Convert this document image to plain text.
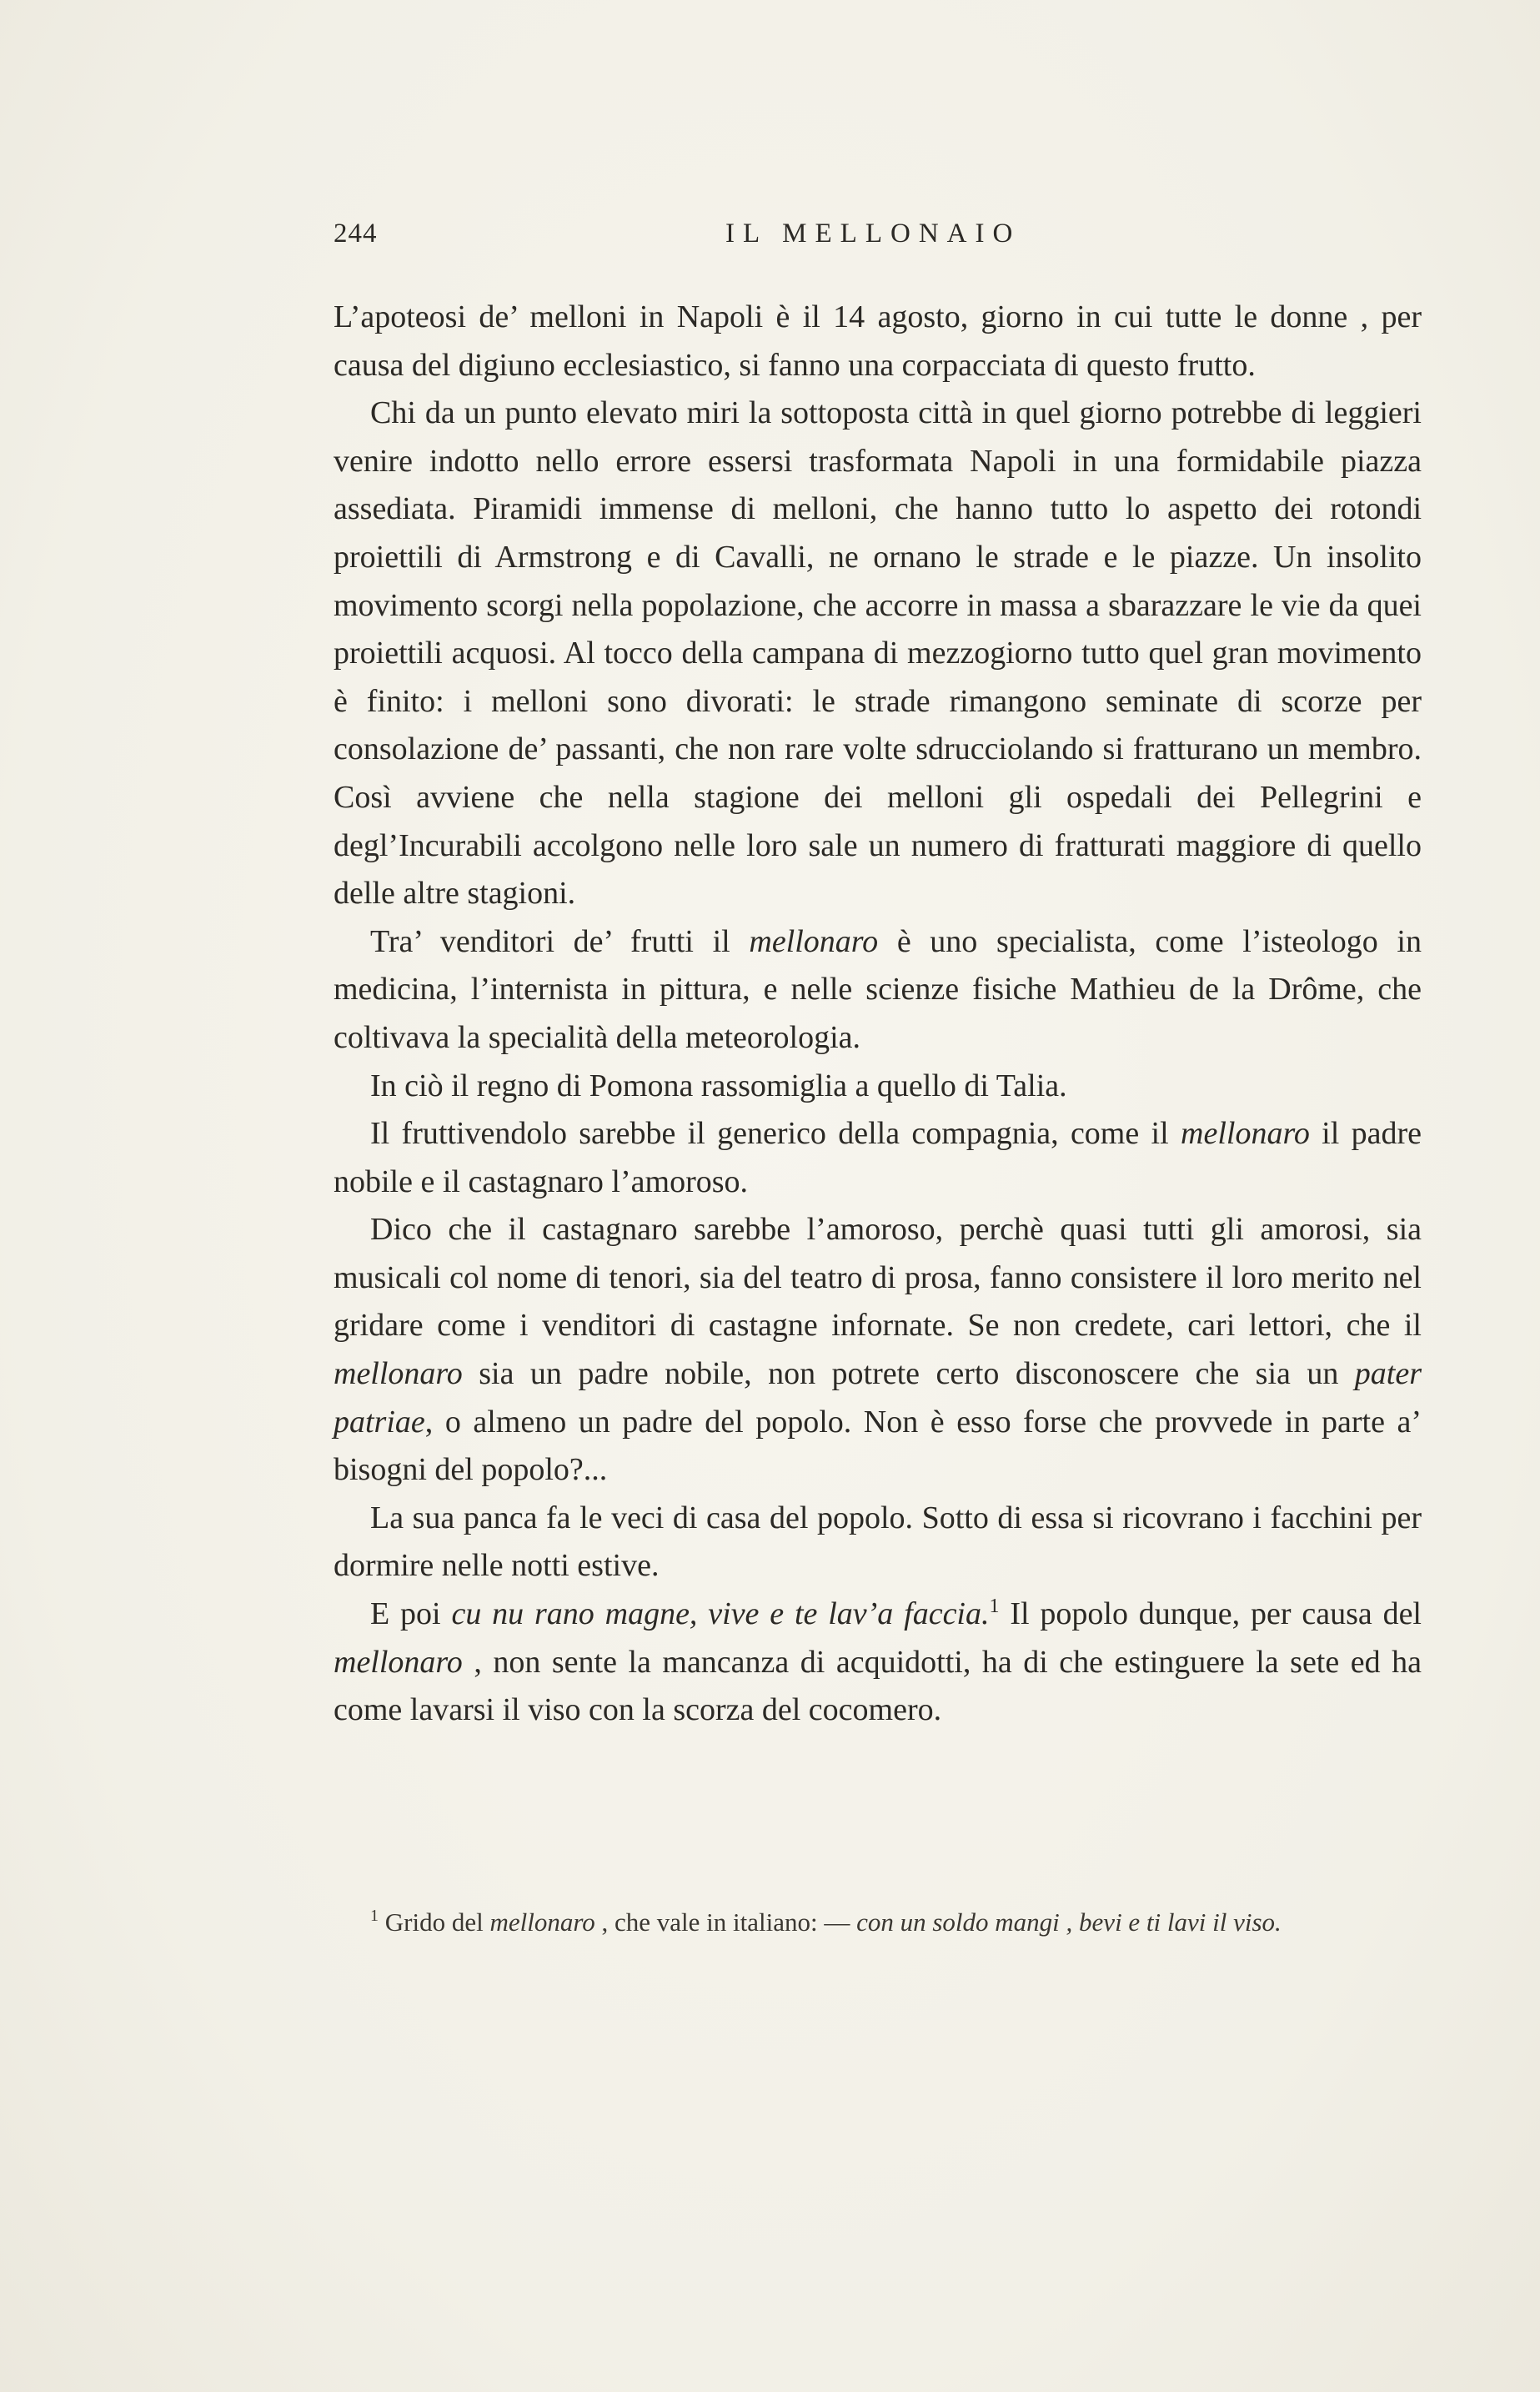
244	IL MELLONAIO

L’apoteosi de’ melloni in Napoli è il 14 agosto, giorno in cui tutte le donne , per causa del digiuno ecclesiastico, si fanno una corpacciata di questo frutto.

Chi da un punto elevato miri la sottoposta città in quel giorno potrebbe di leggieri venire indotto nello errore essersi trasformata Napoli in una formidabile piazza assediata. Piramidi immense di melloni, che hanno tutto lo aspetto dei rotondi proiettili di Armstrong e di Cavalli, ne ornano le strade e le piazze. Un insolito movimento scorgi nella popolazione, che accorre in massa a sbarazzare le vie da quei proiettili acquosi. Al tocco della campana di mezzogiorno tutto quel gran movimento è finito: i melloni sono divorati: le strade rimangono seminate di scorze per consolazione de’ passanti, che non rare volte sdrucciolando si fratturano un membro. Così avviene che nella stagione dei melloni gli ospedali dei Pellegrini e degl’Incurabili accolgono nelle loro sale un numero di fratturati maggiore di quello delle altre stagioni.

Tra’ venditori de’ frutti il mellonaro è uno specialista, come l’isteologo in medicina, l’internista in pittura, e nelle scienze fisiche Mathieu de la Drôme, che coltivava la specialità della meteorologia.

In ciò il regno di Pomona rassomiglia a quello di Talia.

Il fruttivendolo sarebbe il generico della compagnia, come il mellonaro il padre nobile e il castagnaro l’amoroso.

Dico che il castagnaro sarebbe l’amoroso, perchè quasi tutti gli amorosi, sia musicali col nome di tenori, sia del teatro di prosa, fanno consistere il loro merito nel gridare come i venditori di castagne infornate. Se non credete, cari lettori, che il mellonaro sia un padre nobile, non potrete certo disconoscere che sia un pater patriae, o almeno un padre del popolo. Non è esso forse che provvede in parte a’ bisogni del popolo?...

La sua panca fa le veci di casa del popolo. Sotto di essa si ricovrano i facchini per dormire nelle notti estive.

E poi cu nu rano magne, vive e te lav’a faccia.$^1$ Il popolo dunque, per causa del mellonaro , non sente la mancanza di acquidotti, ha di che estinguere la sete ed ha come lavarsi il viso con la scorza del cocomero.

$^1$ Grido del mellonaro , che vale in italiano: — con un soldo mangi , bevi e ti lavi il viso.
